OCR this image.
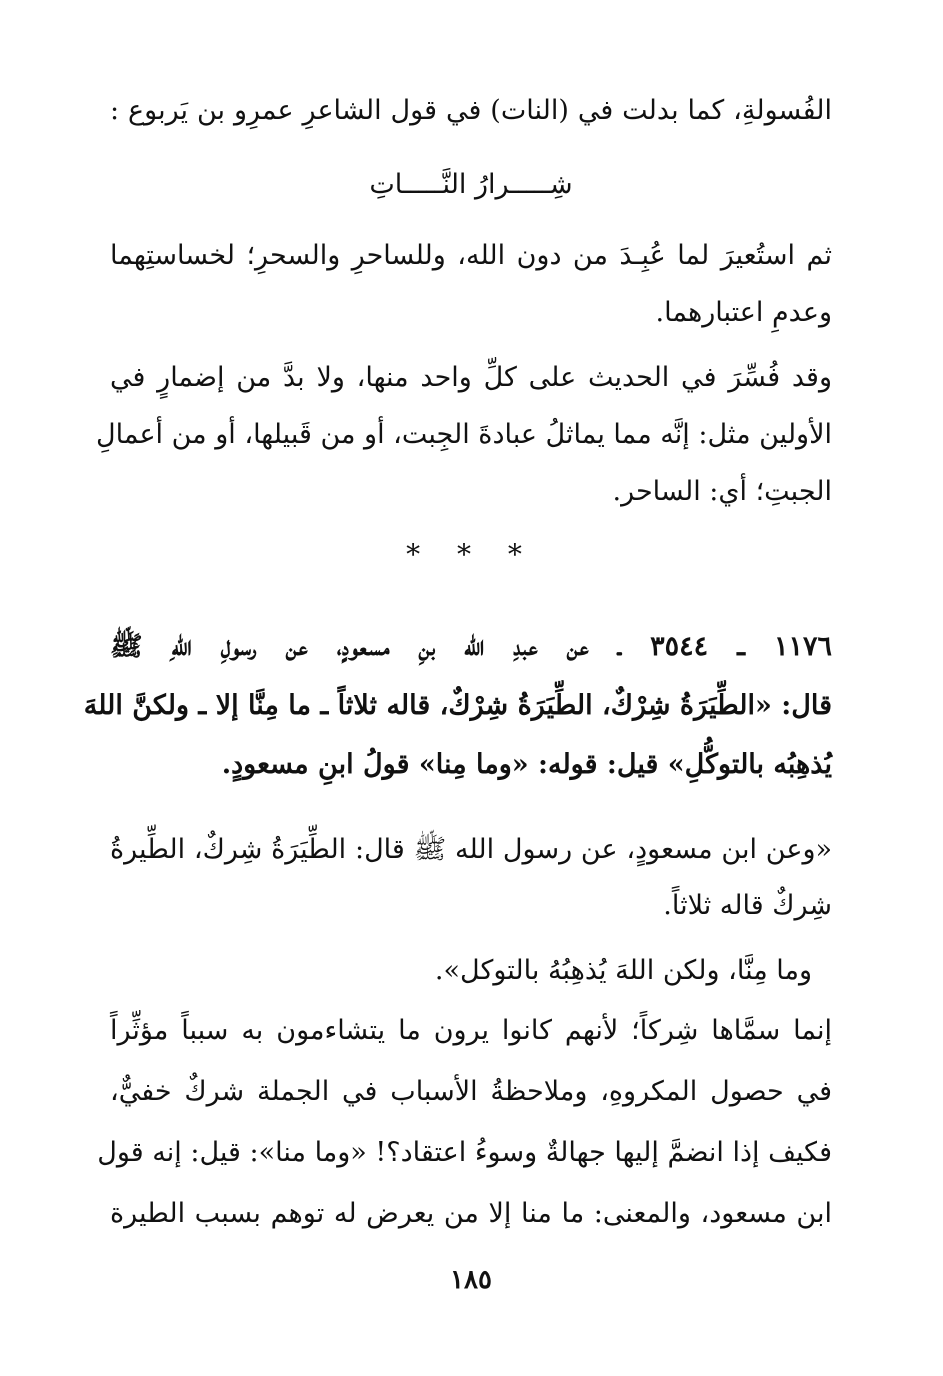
الفُسولةِ، كما بدلت في (النات) في قول الشاعرِ عمرِو بن يَربوع :
شِـــــرارُ النَّـــــاتِ
ثم استُعيرَ لما عُبِـدَ من دون الله، وللساحرِ والسحرِ؛ لخساستِهما
وعدمِ اعتبارهما.
وقد فُسِّرَ في الحديث على كلِّ واحد منها، ولا بدَّ من إضمارٍ في
الأولين مثل: إنَّه مما يماثلُ عبادةَ الجِبت، أو من قَبيلها، أو من أعمالِ
الجبتِ؛ أي: الساحر.
* * *
١١٧٦ ـ ٣٥٤٤ ـ عن عبدِ الله بنِ مسعودٍ، عن رسولِ اللهِ ﷺ
قال: «الطِّيَرَةُ شِرْكٌ، الطِّيَرَةُ شِرْكٌ، قاله ثلاثاً ـ ما مِنَّا إلا ـ ولكنَّ اللهَ
يُذهِبُه بالتوكُّلِ» قيل: قوله: «وما مِنا» قولُ ابنِ مسعودٍ.
«وعن ابن مسعودٍ، عن رسول الله ﷺ قال: الطِّيَرَةُ شِركٌ، الطِّيرةُ
شِركٌ قاله ثلاثاً.
وما مِنَّا، ولكن اللهَ يُذهِبُهُ بالتوكل».
إنما سمَّاها شِركاً؛ لأنهم كانوا يرون ما يتشاءمون به سبباً مؤثِّراً
في حصول المكروهِ، وملاحظةُ الأسباب في الجملة شركٌ خفيٌّ،
فكيف إذا انضمَّ إليها جهالةٌ وسوءُ اعتقاد؟! «وما منا»: قيل: إنه قول
ابن مسعود، والمعنى: ما منا إلا من يعرض له توهم بسبب الطيرة
١٨٥
